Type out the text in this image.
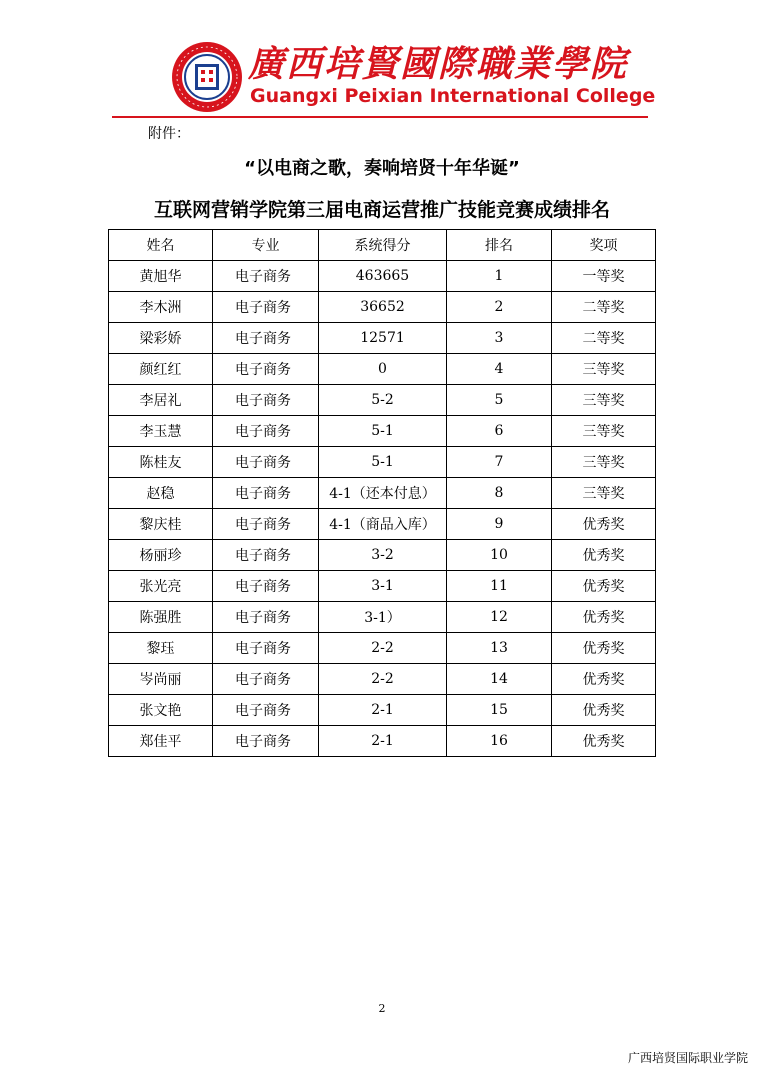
廣西培賢國際職業學院
Guangxi Peixian International College
附件：
“以电商之歌，奏响培贤十年华诞”
互联网营销学院第三届电商运营推广技能竞赛成绩排名
姓名	专业	系统得分	排名	奖项
黄旭华	电子商务	463665	1	一等奖
李木洲	电子商务	36652	2	二等奖
梁彩娇	电子商务	12571	3	二等奖
颜红红	电子商务	0	4	三等奖
李居礼	电子商务	5-2	5	三等奖
李玉慧	电子商务	5-1	6	三等奖
陈桂友	电子商务	5-1	7	三等奖
赵稳	电子商务	4-1（还本付息）	8	三等奖
黎庆桂	电子商务	4-1（商品入库）	9	优秀奖
杨丽珍	电子商务	3-2	10	优秀奖
张光亮	电子商务	3-1	11	优秀奖
陈强胜	电子商务	3-1）	12	优秀奖
黎珏	电子商务	2-2	13	优秀奖
岑尚丽	电子商务	2-2	14	优秀奖
张文艳	电子商务	2-1	15	优秀奖
郑佳平	电子商务	2-1	16	优秀奖
2
广西培贤国际职业学院
